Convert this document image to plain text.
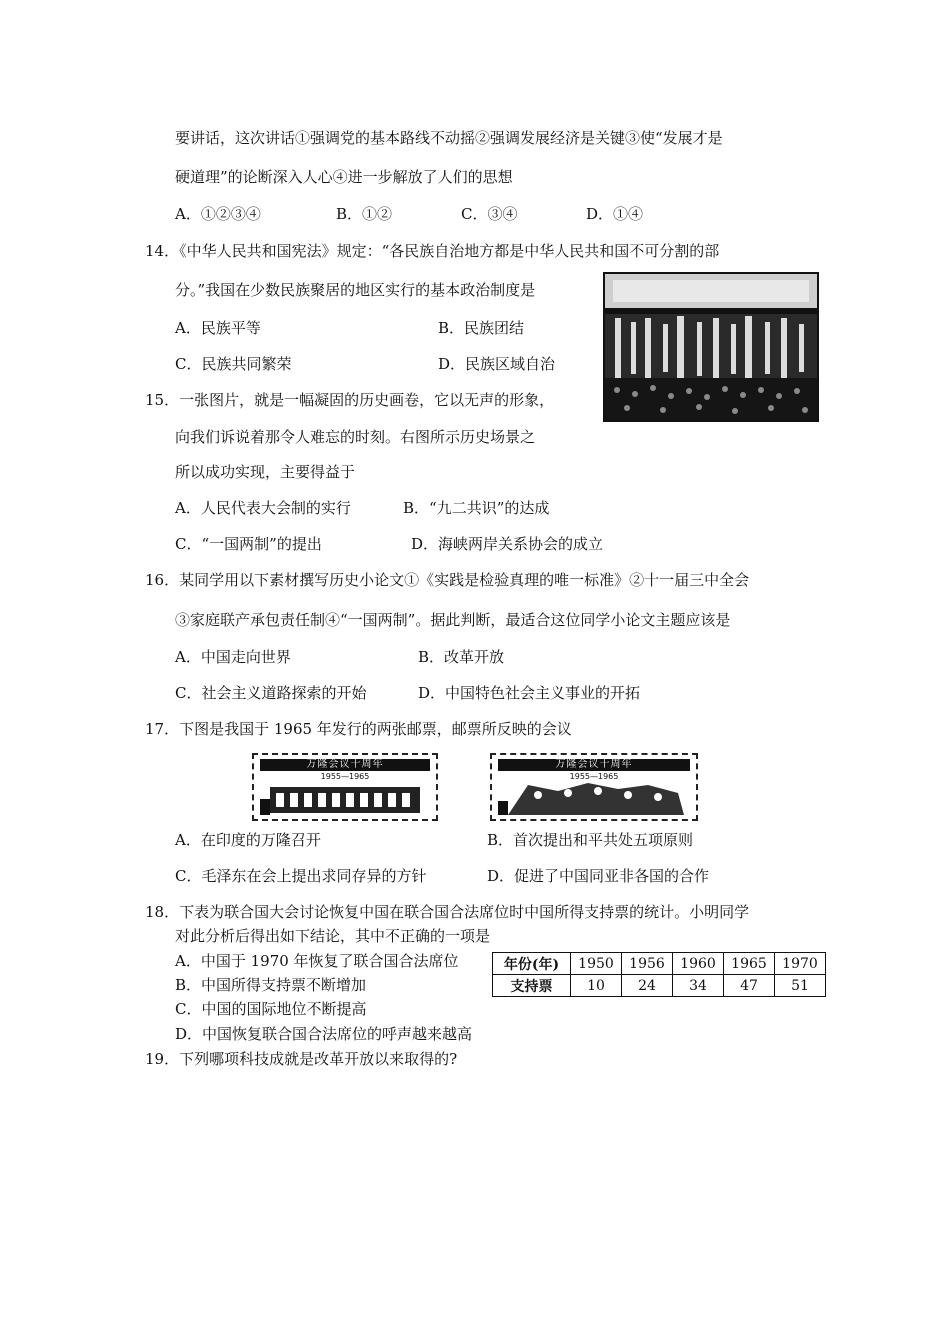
要讲话，这次讲话①强调党的基本路线不动摇②强调发展经济是关键③使“发展才是
硬道理”的论断深入人心④进一步解放了人们的思想
A．①②③④	B．①②	C．③④	D．①④
14．《中华人民共和国宪法》规定：“各民族自治地方都是中华人民共和国不可分割的部
分。”我国在少数民族聚居的地区实行的基本政治制度是
A．民族平等	B．民族团结
C．民族共同繁荣	D．民族区域自治
15．一张图片，就是一幅凝固的历史画卷，它以无声的形象，
向我们诉说着那令人难忘的时刻。右图所示历史场景之
所以成功实现，主要得益于
A．人民代表大会制的实行	B．“九二共识”的达成
C．“一国两制”的提出	D．海峡两岸关系协会的成立
16．某同学用以下素材撰写历史小论文①《实践是检验真理的唯一标准》②十一届三中全会
③家庭联产承包责任制④“一国两制”。据此判断，最适合这位同学小论文主题应该是
A．中国走向世界	B．改革开放
C．社会主义道路探索的开始	D．中国特色社会主义事业的开拓
17．下图是我国于 1965 年发行的两张邮票，邮票所反映的会议
万隆会议十周年
1955—1965
万隆会议十周年
1955—1965
A．在印度的万隆召开	B．首次提出和平共处五项原则
C．毛泽东在会上提出求同存异的方针	D．促进了中国同亚非各国的合作
18．下表为联合国大会讨论恢复中国在联合国合法席位时中国所得支持票的统计。小明同学
对此分析后得出如下结论，其中不正确的一项是
A．中国于 1970 年恢复了联合国合法席位
B．中国所得支持票不断增加
C．中国的国际地位不断提高
D．中国恢复联合国合法席位的呼声越来越高
年份(年)	1950	1956	1960	1965	1970
支持票	10	24	34	47	51
19．下列哪项科技成就是改革开放以来取得的?
